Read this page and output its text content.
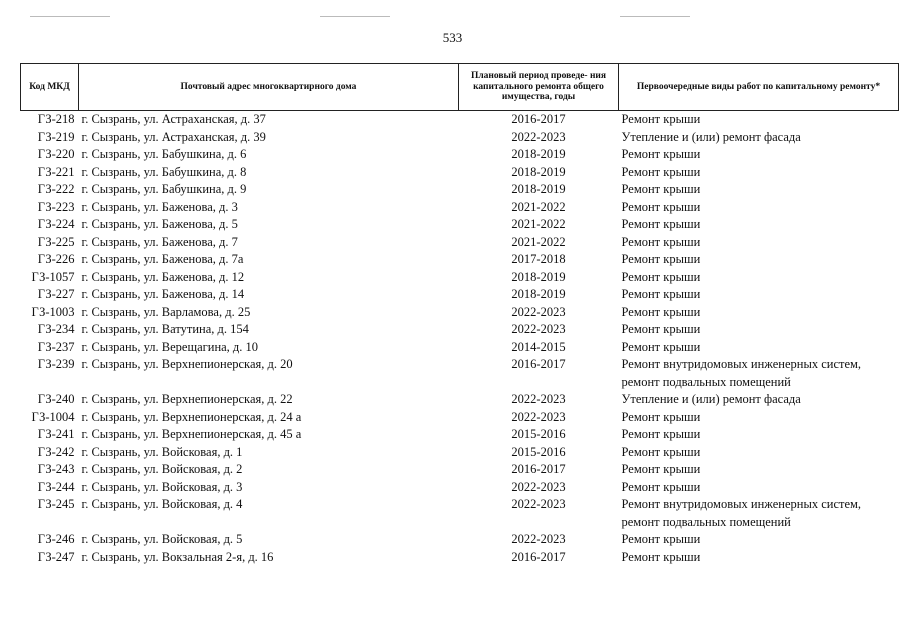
533
Код МКД	Почтовый адрес многоквартирного дома	Плановый период проведе- ния капитального ремонта общего имущества, годы	Первоочередные виды работ по капитальному ремонту*
ГЗ-218	г. Сызрань, ул. Астраханская, д. 37	2016-2017	Ремонт крыши
ГЗ-219	г. Сызрань, ул. Астраханская, д. 39	2022-2023	Утепление и (или) ремонт фасада
ГЗ-220	г. Сызрань, ул. Бабушкина, д. 6	2018-2019	Ремонт крыши
ГЗ-221	г. Сызрань, ул. Бабушкина, д. 8	2018-2019	Ремонт крыши
ГЗ-222	г. Сызрань, ул. Бабушкина, д. 9	2018-2019	Ремонт крыши
ГЗ-223	г. Сызрань, ул. Баженова, д. 3	2021-2022	Ремонт крыши
ГЗ-224	г. Сызрань, ул. Баженова, д. 5	2021-2022	Ремонт крыши
ГЗ-225	г. Сызрань, ул. Баженова, д. 7	2021-2022	Ремонт крыши
ГЗ-226	г. Сызрань, ул. Баженова, д. 7а	2017-2018	Ремонт крыши
ГЗ-1057	г. Сызрань, ул. Баженова, д. 12	2018-2019	Ремонт крыши
ГЗ-227	г. Сызрань, ул. Баженова, д. 14	2018-2019	Ремонт крыши
ГЗ-1003	г. Сызрань, ул. Варламова, д. 25	2022-2023	Ремонт крыши
ГЗ-234	г. Сызрань, ул. Ватутина, д. 154	2022-2023	Ремонт крыши
ГЗ-237	г. Сызрань, ул. Верещагина, д. 10	2014-2015	Ремонт крыши
ГЗ-239	г. Сызрань, ул. Верхнепионерская, д. 20	2016-2017	Ремонт внутридомовых инженерных систем, ремонт подвальных помещений
ГЗ-240	г. Сызрань, ул. Верхнепионерская, д. 22	2022-2023	Утепление и (или) ремонт фасада
ГЗ-1004	г. Сызрань, ул. Верхнепионерская, д. 24 а	2022-2023	Ремонт крыши
ГЗ-241	г. Сызрань, ул. Верхнепионерская, д. 45 а	2015-2016	Ремонт крыши
ГЗ-242	г. Сызрань, ул. Войсковая, д. 1	2015-2016	Ремонт крыши
ГЗ-243	г. Сызрань, ул. Войсковая, д. 2	2016-2017	Ремонт крыши
ГЗ-244	г. Сызрань, ул. Войсковая, д. 3	2022-2023	Ремонт крыши
ГЗ-245	г. Сызрань, ул. Войсковая, д. 4	2022-2023	Ремонт внутридомовых инженерных систем, ремонт подвальных помещений
ГЗ-246	г. Сызрань, ул. Войсковая, д. 5	2022-2023	Ремонт крыши
ГЗ-247	г. Сызрань, ул. Вокзальная 2-я, д. 16	2016-2017	Ремонт крыши
